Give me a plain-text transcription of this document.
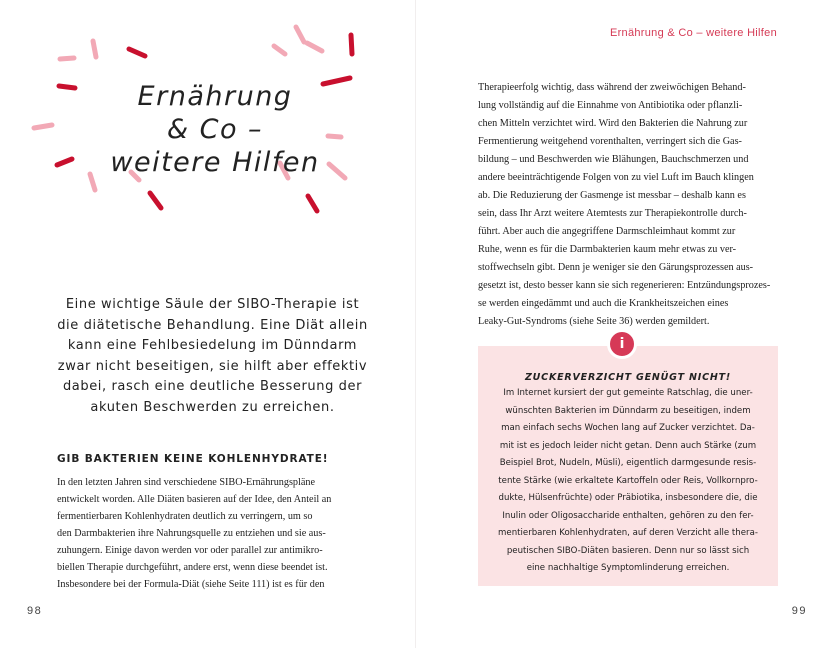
Ernährung
& Co –
weitere Hilfen
Eine wichtige Säule der SIBO-Therapie ist
die diätetische Behandlung. Eine Diät allein
kann eine Fehlbesiedelung im Dünndarm
zwar nicht beseitigen, sie hilft aber effektiv
dabei, rasch eine deutliche Besserung der
akuten Beschwerden zu erreichen.
GIB BAKTERIEN KEINE KOHLENHYDRATE!
In den letzten Jahren sind verschiedene SIBO-Ernährungspläne
entwickelt worden. Alle Diäten basieren auf der Idee, den Anteil an
fermentierbaren Kohlenhydraten deutlich zu verringern, um so
den Darmbakterien ihre Nahrungsquelle zu entziehen und sie aus-
zuhungern. Einige davon werden vor oder parallel zur antimikro-
biellen Therapie durchgeführt, andere erst, wenn diese beendet ist.
Insbesondere bei der Formula-Diät (siehe Seite 111) ist es für den
98
Ernährung & Co – weitere Hilfen
Therapieerfolg wichtig, dass während der zweiwöchigen Behand-
lung vollständig auf die Einnahme von Antibiotika oder pflanzli-
chen Mitteln verzichtet wird. Wird den Bakterien die Nahrung zur
Fermentierung weitgehend vorenthalten, verringert sich die Gas-
bildung – und Beschwerden wie Blähungen, Bauchschmerzen und
andere beeinträchtigende Folgen von zu viel Luft im Bauch klingen
ab. Die Reduzierung der Gasmenge ist messbar – deshalb kann es
sein, dass Ihr Arzt weitere Atemtests zur Therapiekontrolle durch-
führt. Aber auch die angegriffene Darmschleimhaut kommt zur
Ruhe, wenn es für die Darmbakterien kaum mehr etwas zu ver-
stoffwechseln gibt. Denn je weniger sie den Gärungsprozessen aus-
gesetzt ist, desto besser kann sie sich regenerieren: Entzündungsprozes-
se werden eingedämmt und auch die Krankheitszeichen eines
Leaky-Gut-Syndroms (siehe Seite 36) werden gemildert.
i
ZUCKERVERZICHT GENÜGT NICHT!
Im Internet kursiert der gut gemeinte Ratschlag, die uner-
wünschten Bakterien im Dünndarm zu beseitigen, indem
man einfach sechs Wochen lang auf Zucker verzichtet. Da-
mit ist es jedoch leider nicht getan. Denn auch Stärke (zum
Beispiel Brot, Nudeln, Müsli), eigentlich darmgesunde resis-
tente Stärke (wie erkaltete Kartoffeln oder Reis, Vollkornpro-
dukte, Hülsenfrüchte) oder Präbiotika, insbesondere die, die
Inulin oder Oligosaccharide enthalten, gehören zu den fer-
mentierbaren Kohlenhydraten, auf deren Verzicht alle thera-
peutischen SIBO-Diäten basieren. Denn nur so lässt sich
eine nachhaltige Symptomlinderung erreichen.
99
